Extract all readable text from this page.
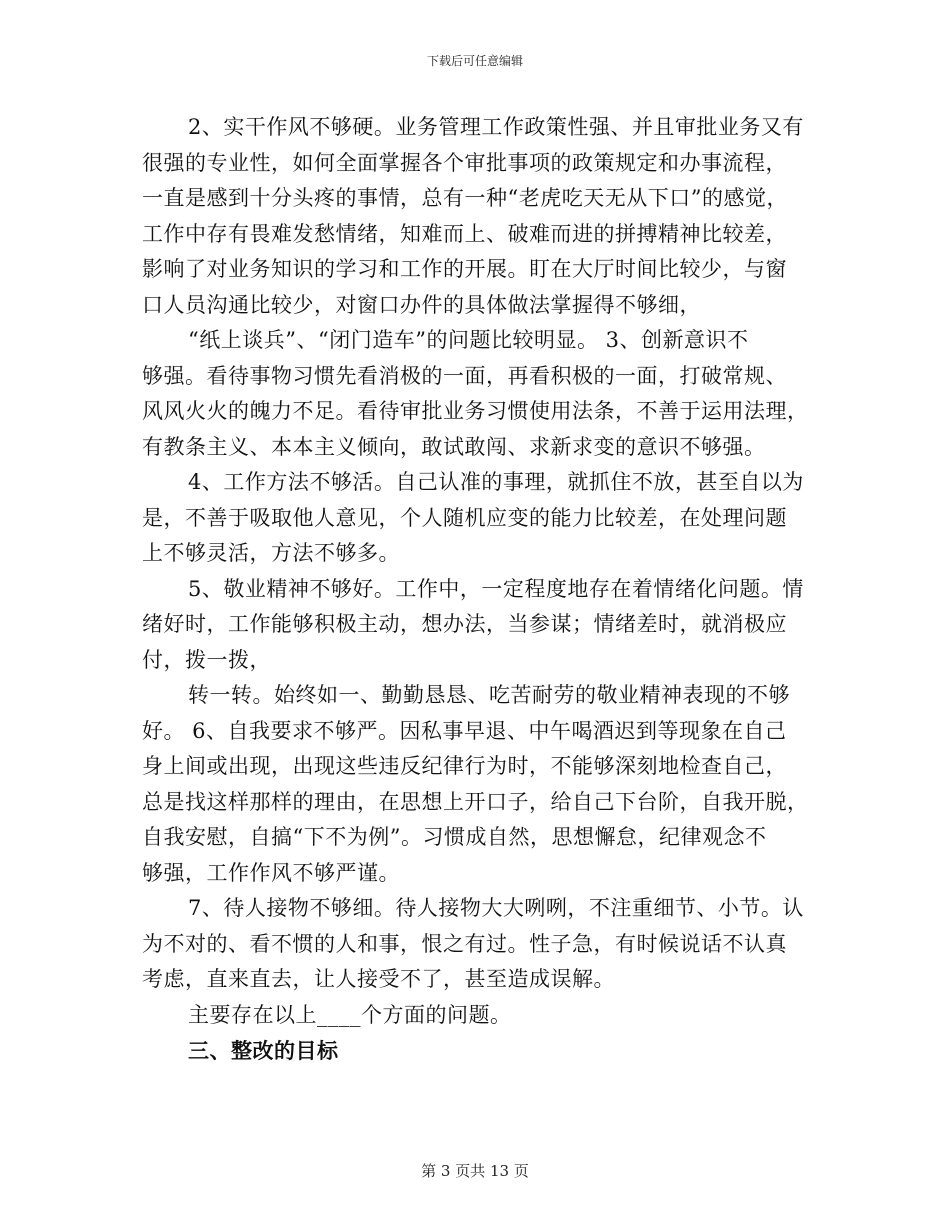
下载后可任意编辑
2、实干作风不够硬。业务管理工作政策性强、并且审批业务又有
很强的专业性，如何全面掌握各个审批事项的政策规定和办事流程，
一直是感到十分头疼的事情，总有一种“老虎吃天无从下口”的感觉，
工作中存有畏难发愁情绪，知难而上、破难而进的拼搏精神比较差，
影响了对业务知识的学习和工作的开展。盯在大厅时间比较少，与窗
口人员沟通比较少，对窗口办件的具体做法掌握得不够细，
“纸上谈兵”、“闭门造车”的问题比较明显。 3、创新意识不
够强。看待事物习惯先看消极的一面，再看积极的一面，打破常规、
风风火火的魄力不足。看待审批业务习惯使用法条，不善于运用法理，
有教条主义、本本主义倾向，敢试敢闯、求新求变的意识不够强。
4、工作方法不够活。自己认准的事理，就抓住不放，甚至自以为
是，不善于吸取他人意见，个人随机应变的能力比较差，在处理问题
上不够灵活，方法不够多。
5、敬业精神不够好。工作中，一定程度地存在着情绪化问题。情
绪好时，工作能够积极主动，想办法，当参谋；情绪差时，就消极应
付，拨一拨，
转一转。始终如一、勤勤恳恳、吃苦耐劳的敬业精神表现的不够
好。 6、自我要求不够严。因私事早退、中午喝酒迟到等现象在自己
身上间或出现，出现这些违反纪律行为时，不能够深刻地检查自己，
总是找这样那样的理由，在思想上开口子，给自己下台阶，自我开脱，
自我安慰，自搞“下不为例”。习惯成自然，思想懈怠，纪律观念不
够强，工作作风不够严谨。
7、待人接物不够细。待人接物大大咧咧，不注重细节、小节。认
为不对的、看不惯的人和事，恨之有过。性子急，有时候说话不认真
考虑，直来直去，让人接受不了，甚至造成误解。
主要存在以上____个方面的问题。
三、整改的目标
第 3 页共 13 页
